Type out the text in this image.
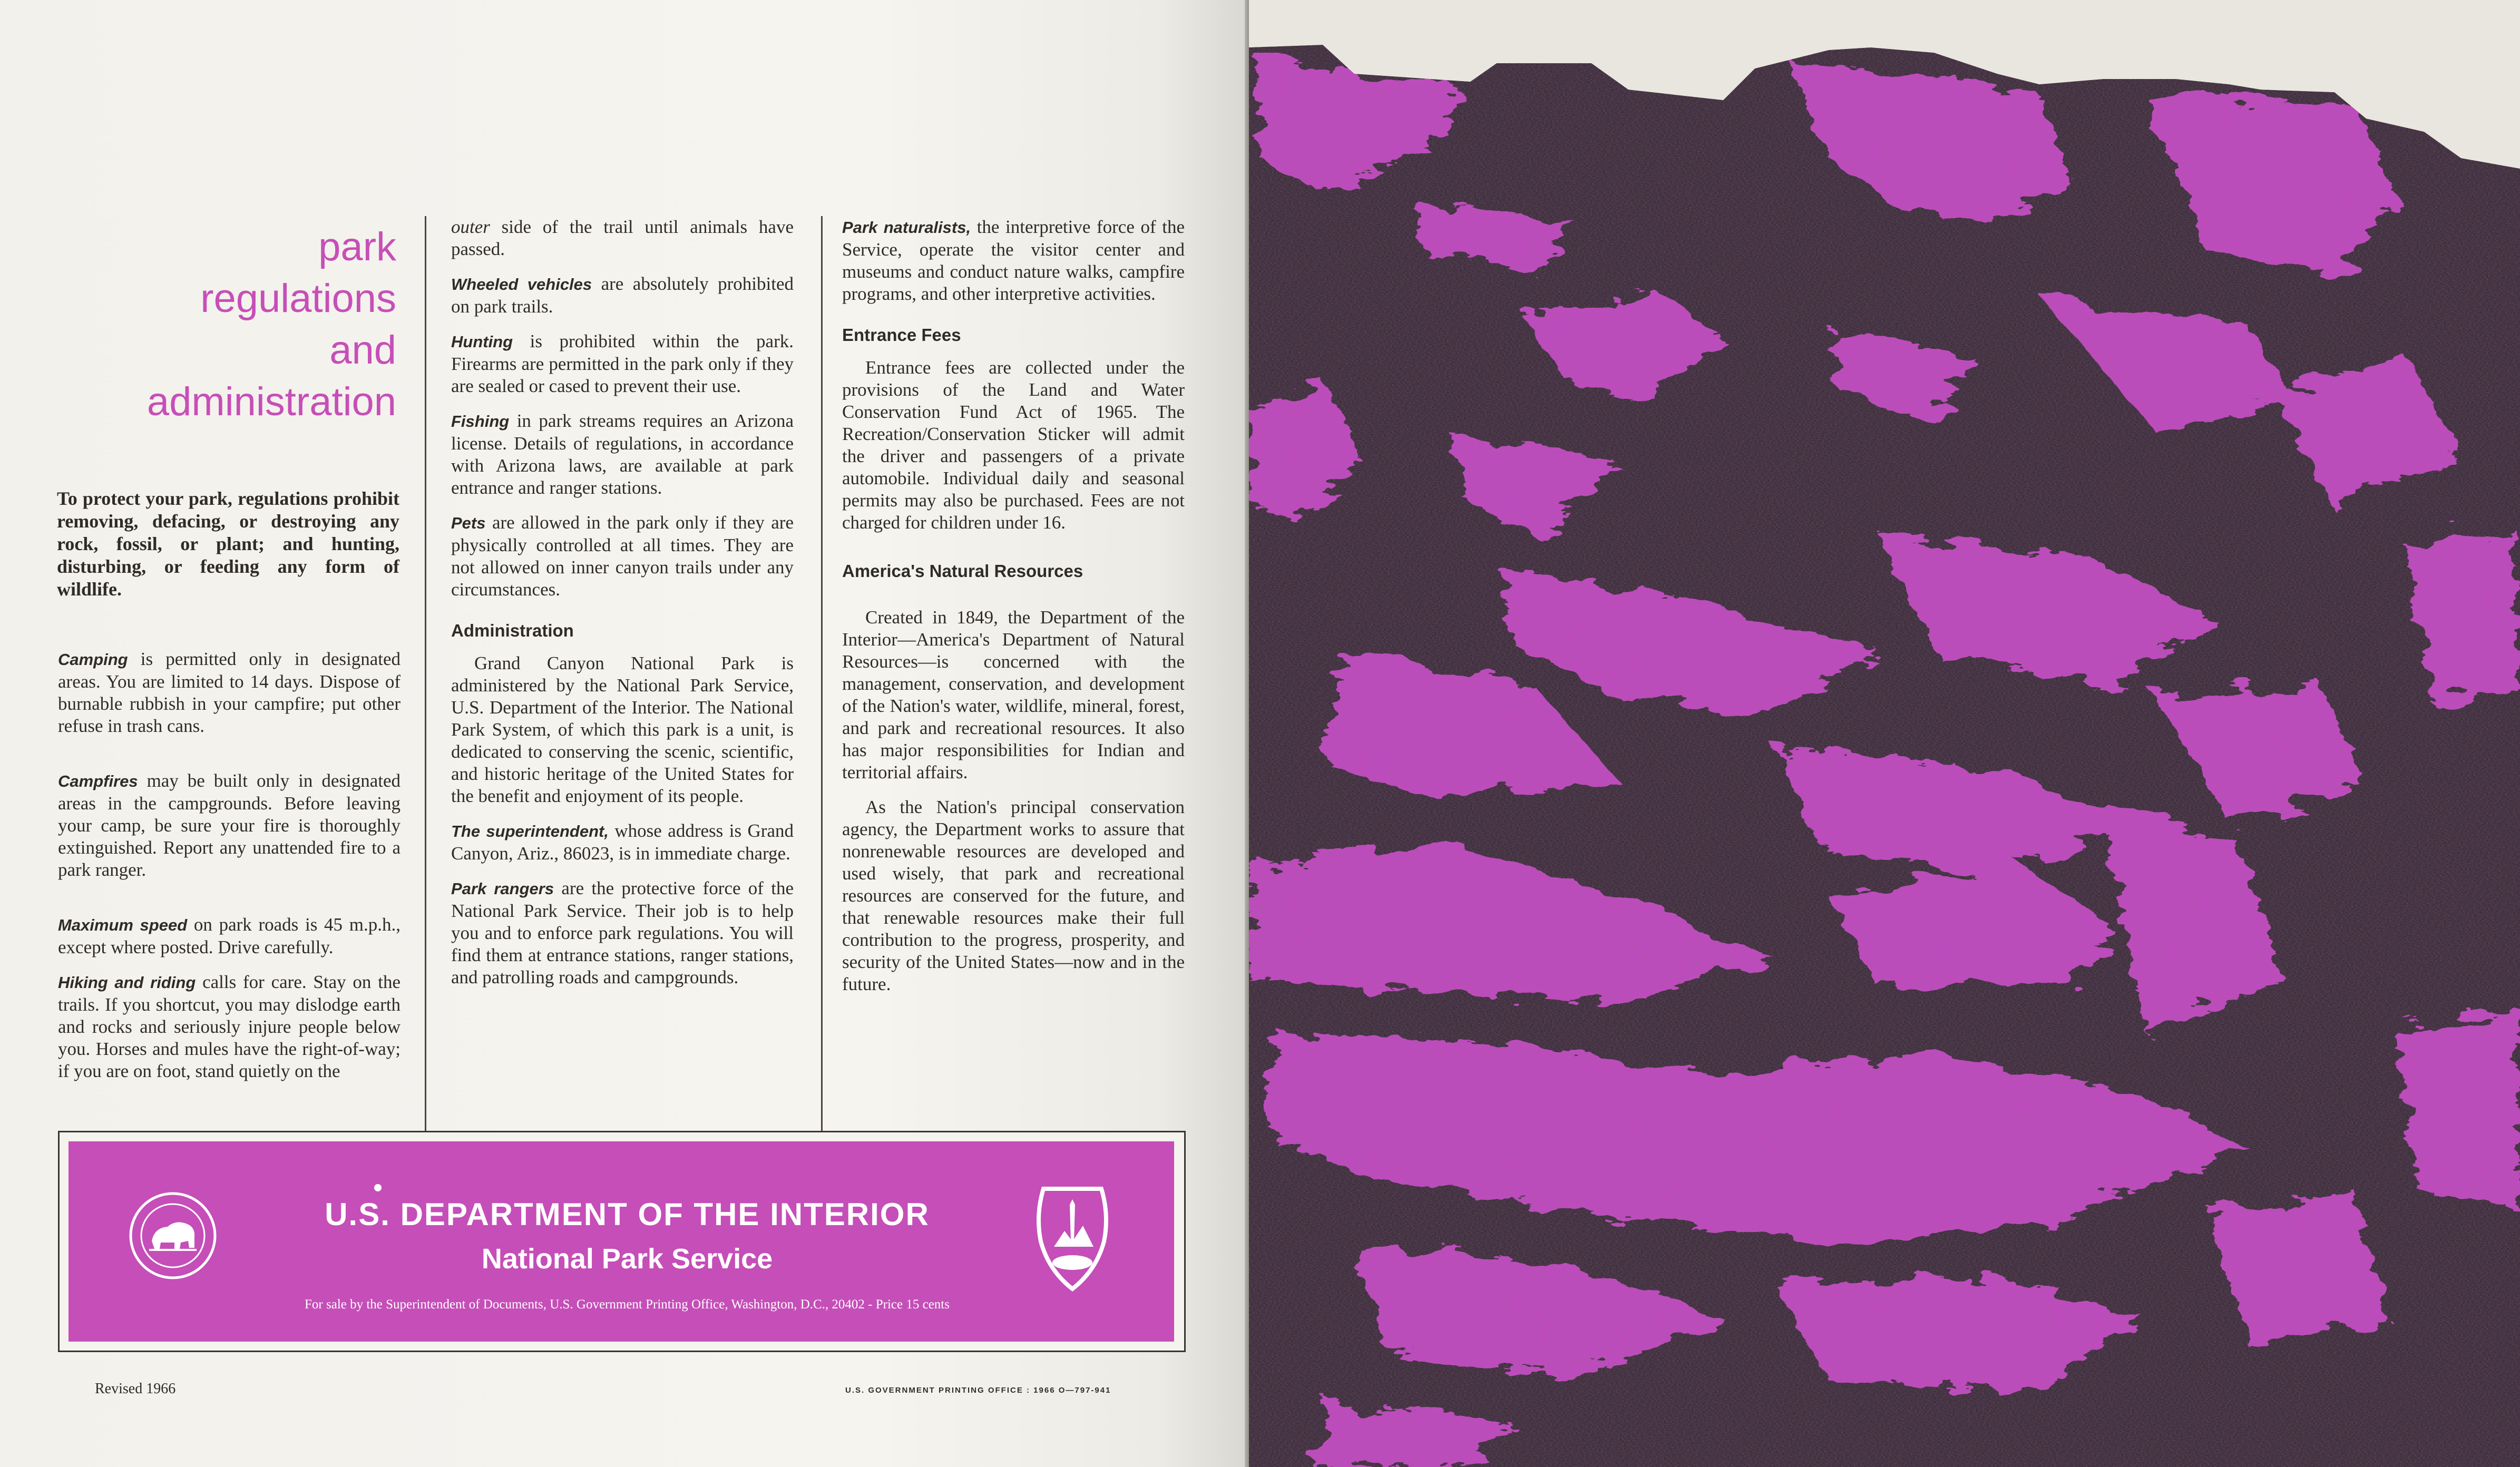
park
regulations
and
administration
To protect your park, regulations prohibit removing, defacing, or destroying any rock, fossil, or plant; and hunting, disturbing, or feeding any form of wildlife.

Camping is permitted only in designated areas. You are limited to 14 days. Dispose of burnable rubbish in your campfire; put other refuse in trash cans.

Campfires may be built only in designated areas in the campgrounds. Before leaving your camp, be sure your fire is thoroughly extinguished. Report any unattended fire to a park ranger.

Maximum speed on park roads is 45 m.p.h., except where posted. Drive carefully.

Hiking and riding calls for care. Stay on the trails. If you shortcut, you may dislodge earth and rocks and seriously injure people below you. Horses and mules have the right-of-way; if you are on foot, stand quietly on the

outer side of the trail until animals have passed.

Wheeled vehicles are absolutely prohibited on park trails.

Hunting is prohibited within the park. Firearms are permitted in the park only if they are sealed or cased to prevent their use.

Fishing in park streams requires an Arizona license. Details of regulations, in accordance with Arizona laws, are available at park entrance and ranger stations.

Pets are allowed in the park only if they are physically controlled at all times. They are not allowed on inner canyon trails under any circumstances.

Administration

Grand Canyon National Park is administered by the National Park Service, U.S. Department of the Interior. The National Park System, of which this park is a unit, is dedicated to conserving the scenic, scientific, and historic heritage of the United States for the benefit and enjoyment of its people.

The superintendent, whose address is Grand Canyon, Ariz., 86023, is in immediate charge.

Park rangers are the protective force of the National Park Service. Their job is to help you and to enforce park regulations. You will find them at entrance stations, ranger stations, and patrolling roads and campgrounds.

Park naturalists, the interpretive force of the Service, operate the visitor center and museums and conduct nature walks, campfire programs, and other interpretive activities.

Entrance Fees

Entrance fees are collected under the provisions of the Land and Water Conservation Fund Act of 1965. The Recreation/Conservation Sticker will admit the driver and passengers of a private automobile. Individual daily and seasonal permits may also be purchased. Fees are not charged for children under 16.

America's Natural Resources

Created in 1849, the Department of the Interior—America's Department of Natural Resources—is concerned with the management, conservation, and development of the Nation's water, wildlife, mineral, forest, and park and recreational resources. It also has major responsibilities for Indian and territorial affairs.

As the Nation's principal conservation agency, the Department works to assure that nonrenewable resources are developed and used wisely, that park and recreational resources are conserved for the future, and that renewable resources make their full contribution to the progress, prosperity, and security of the United States—now and in the future.

U.S. DEPARTMENT OF THE INTERIOR
National Park Service
For sale by the Superintendent of Documents, U.S. Government Printing Office, Washington, D.C., 20402 - Price 15 cents
Revised 1966	U.S. GOVERNMENT PRINTING OFFICE : 1966 O—797-941
